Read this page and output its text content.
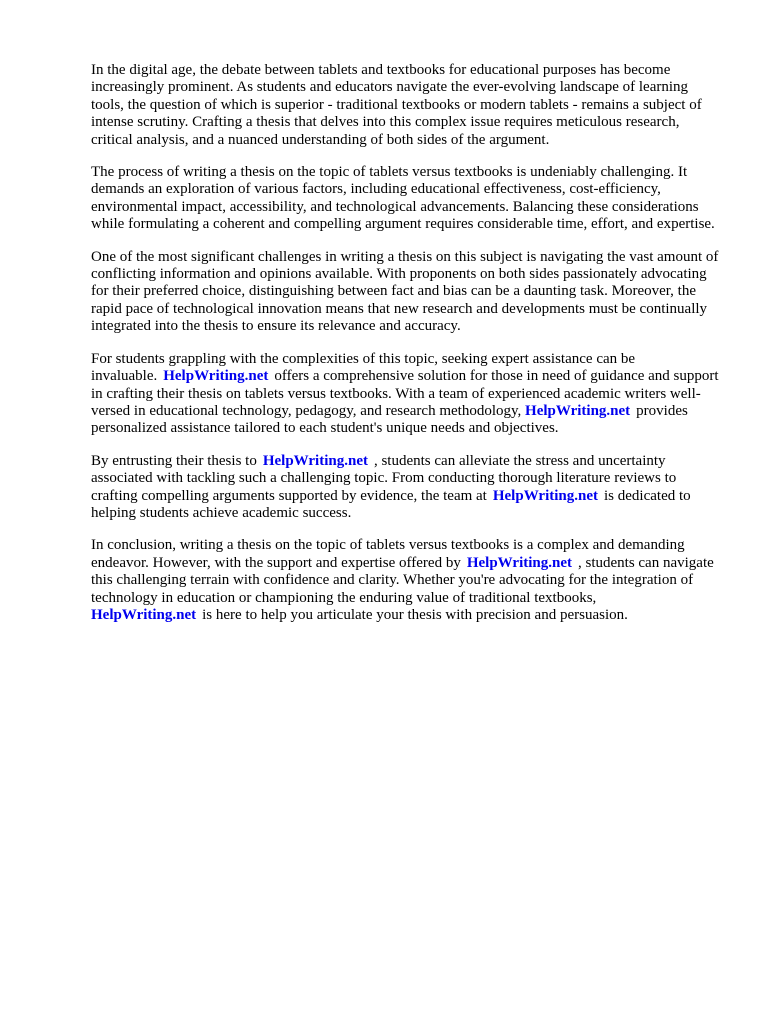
In the digital age, the debate between tablets and textbooks for educational purposes has become increasingly prominent. As students and educators navigate the ever-evolving landscape of learning tools, the question of which is superior - traditional textbooks or modern tablets - remains a subject of intense scrutiny. Crafting a thesis that delves into this complex issue requires meticulous research, critical analysis, and a nuanced understanding of both sides of the argument.

The process of writing a thesis on the topic of tablets versus textbooks is undeniably challenging. It demands an exploration of various factors, including educational effectiveness, cost-efficiency, environmental impact, accessibility, and technological advancements. Balancing these considerations while formulating a coherent and compelling argument requires considerable time, effort, and expertise.

One of the most significant challenges in writing a thesis on this subject is navigating the vast amount of conflicting information and opinions available. With proponents on both sides passionately advocating for their preferred choice, distinguishing between fact and bias can be a daunting task. Moreover, the rapid pace of technological innovation means that new research and developments must be continually integrated into the thesis to ensure its relevance and accuracy.

For students grappling with the complexities of this topic, seeking expert assistance can be invaluable. HelpWriting.net offers a comprehensive solution for those in need of guidance and support in crafting their thesis on tablets versus textbooks. With a team of experienced academic writers well-versed in educational technology, pedagogy, and research methodology, HelpWriting.net provides personalized assistance tailored to each student's unique needs and objectives.

By entrusting their thesis to HelpWriting.net , students can alleviate the stress and uncertainty associated with tackling such a challenging topic. From conducting thorough literature reviews to crafting compelling arguments supported by evidence, the team at HelpWriting.net is dedicated to helping students achieve academic success.

In conclusion, writing a thesis on the topic of tablets versus textbooks is a complex and demanding endeavor. However, with the support and expertise offered by HelpWriting.net , students can navigate this challenging terrain with confidence and clarity. Whether you're advocating for the integration of technology in education or championing the enduring value of traditional textbooks, HelpWriting.net is here to help you articulate your thesis with precision and persuasion.
